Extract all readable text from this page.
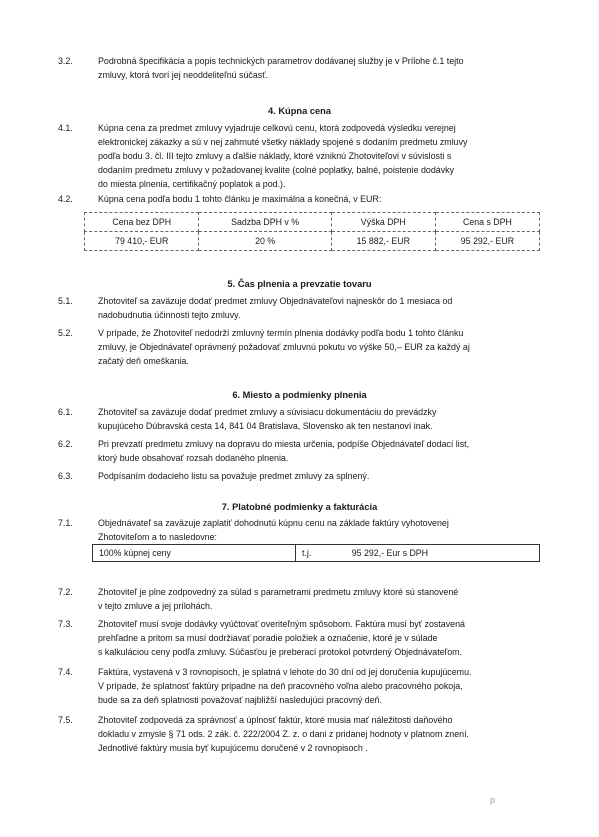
3.2.	Podrobná špecifikácia a popis technických parametrov dodávanej služby je v Prílohe č.1 tejto
zmluvy, ktorá tvorí jej neoddeliteľnú súčasť.
4. Kúpna cena
4.1.	Kúpna cena za predmet zmluvy vyjadruje celkovú cenu, ktorá zodpovedá výsledku verejnej
elektronickej zákazky a sú v nej zahrnuté všetky náklady spojené s dodaním predmetu zmluvy
podľa bodu 3. čl. III tejto zmluvy a ďalšie náklady, ktoré vzniknú Zhotoviteľovi v súvislosti s
dodaním predmetu zmluvy v požadovanej kvalite (colné poplatky, balné, poistenie dodávky
do miesta plnenia, certifikačný poplatok a pod.).
4.2.	Kúpna cena podľa bodu 1 tohto článku je maximálna a konečná, v EUR:
Cena bez DPH	Sadzba DPH v %	Výška DPH	Cena s DPH
79 410,- EUR	20 %	15 882,- EUR	95 292,- EUR
5. Čas plnenia a prevzatie tovaru
5.1.	Zhotoviteľ sa zaväzuje dodať predmet zmluvy Objednávateľovi najneskôr do 1 mesiaca od
nadobudnutia účinnosti tejto zmluvy.
5.2.	V prípade, že Zhotoviteľ nedodrží zmluvný termín plnenia dodávky podľa bodu 1 tohto článku
zmluvy, je Objednávateľ oprávnený požadovať zmluvnú pokutu vo výške 50,– EUR za každý aj
začatý deň omeškania.
6. Miesto a podmienky plnenia
6.1.	Zhotoviteľ sa zaväzuje dodať predmet zmluvy a súvisiacu dokumentáciu do prevádzky
kupujúceho Dúbravská cesta 14, 841 04 Bratislava, Slovensko ak ten nestanoví inak.
6.2.	Pri prevzatí predmetu zmluvy na dopravu do miesta určenia, podpíše Objednávateľ dodací list,
ktorý bude obsahovať rozsah dodaného plnenia.
6.3.	Podpísaním dodacieho listu sa považuje predmet zmluvy za splnený.
7. Platobné podmienky a fakturácia
7.1.	Objednávateľ sa zaväzuje zaplatiť dohodnutú kúpnu cenu na základe faktúry vyhotovenej
Zhotoviteľom a to nasledovne:
100% kúpnej ceny	t.j.	95 292,- Eur s DPH
7.2.	Zhotoviteľ je plne zodpovedný za súlad s parametrami predmetu zmluvy ktoré sú stanovené
v tejto zmluve a jej prílohách.
7.3.	Zhotoviteľ musí svoje dodávky vyúčtovať overiteľným spôsobom. Faktúra musí byť zostavená
prehľadne a pritom sa musí dodržiavať poradie položiek a označenie, ktoré je v súlade
s kalkuláciou ceny podľa zmluvy. Súčasťou je preberací protokol potvrdený Objednávateľom.
7.4.	Faktúra, vystavená v 3 rovnopisoch, je splatná v lehote do 30 dní od jej doručenia kupujúcemu.
V prípade, že splatnosť faktúry pripadne na deň pracovného voľna alebo pracovného pokoja,
bude sa za deň splatnosti považovať najbližší nasledujúci pracovný deň.
7.5.	Zhotoviteľ zodpovedá za správnosť a úplnosť faktúr, ktoré musia mať náležitosti daňového
dokladu v zmysle § 71 ods. 2 zák. č. 222/2004 Z. z. o dani z pridanej hodnoty v platnom znení.
Jednotlivé faktúry musia byť kupujúcemu doručené v 2 rovnopisoch .
p
